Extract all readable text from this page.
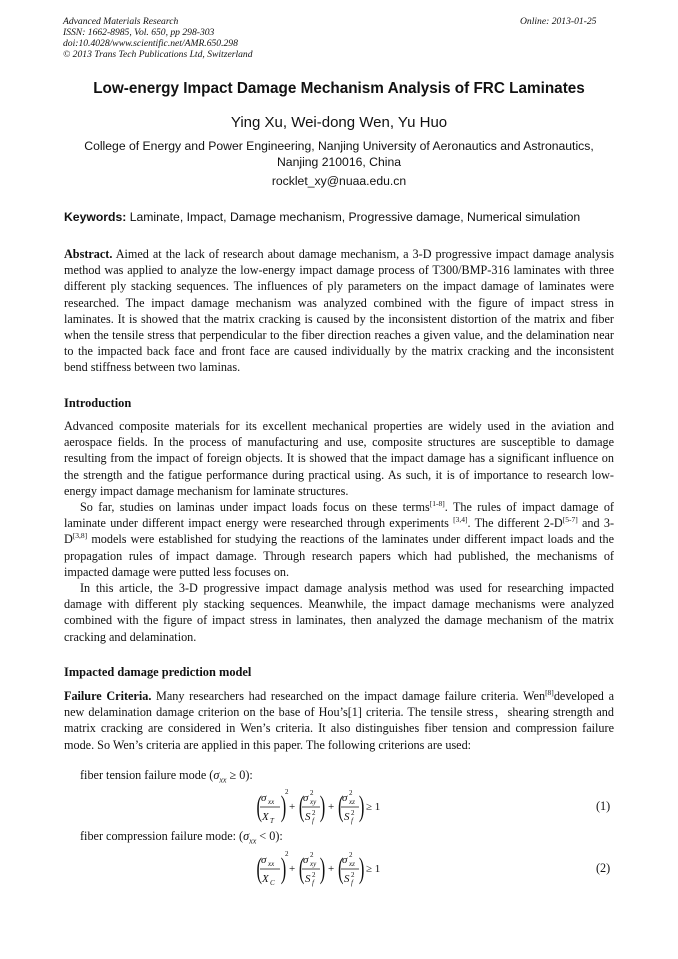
Advanced Materials Research
ISSN: 1662-8985, Vol. 650, pp 298-303
doi:10.4028/www.scientific.net/AMR.650.298
© 2013 Trans Tech Publications Ltd, Switzerland
Online: 2013-01-25
Low-energy Impact Damage Mechanism Analysis of FRC Laminates
Ying Xu, Wei-dong Wen, Yu Huo
College of Energy and Power Engineering, Nanjing University of Aeronautics and Astronautics,
Nanjing 210016, China
rocklet_xy@nuaa.edu.cn
Keywords: Laminate, Impact, Damage mechanism, Progressive damage, Numerical simulation
Abstract. Aimed at the lack of research about damage mechanism, a 3-D progressive impact damage analysis method was applied to analyze the low-energy impact damage process of T300/BMP-316 laminates with three different ply stacking sequences. The influences of ply parameters on the impact damage of laminates were researched. The impact damage mechanism was analyzed combined with the figure of impact stress in laminates. It is showed that the matrix cracking is caused by the inconsistent distortion of the matrix and fiber when the tensile stress that perpendicular to the fiber direction reaches a given value, and the delamination near to the impacted back face and front face are caused individually by the matrix cracking and the inconsistent bend stiffness between two laminas.
Introduction
Advanced composite materials for its excellent mechanical properties are widely used in the aviation and aerospace fields. In the process of manufacturing and use, composite structures are susceptible to damage resulting from the impact of foreign objects. It is showed that the impact damage has a significant influence on the strength and the fatigue performance during practical using. As such, it is of importance to research low-energy impact damage mechanism for laminate structures.
So far, studies on laminas under impact loads focus on these terms[1-8]. The rules of impact damage of laminate under different impact energy were researched through experiments [3,4]. The different 2-D[5-7] and 3-D[3,8] models were established for studying the reactions of the laminates under different impact loads and the propagation rules of impact damage. Through research papers which had published, the mechanisms of impacted damage were putted less focuses on.
In this article, the 3-D progressive impact damage analysis method was used for researching impacted damage with different ply stacking sequences. Meanwhile, the impact damage mechanisms were analyzed combined with the figure of impact stress in laminates, then analyzed the damage mechanism of the matrix cracking and delamination.
Impacted damage prediction model
Failure Criteria. Many researchers had researched on the impact damage failure criteria. Wen[8]developed a new delamination damage criterion on the base of Hou’s[1] criteria. The tensile stress，shearing strength and matrix cracking are considered in Wen’s criteria. It also distinguishes fiber tension and compression failure mode. So Wen’s criteria are applied in this paper. The following criterions are used:
fiber tension failure mode $(\sigma_{xx} \ge 0)$:
(
σ xx
X T )
2
+ (
σ 2
xy
S 2
f ) + (
σ 2
xz
S 2
f ) ≥ 1	(1)
fiber compression failure mode: $(\sigma_{xx} < 0)$:
(
σ xx
X C )
2
+ (
σ 2
xy
S 2
f ) + (
σ 2
xz
S 2
f ) ≥ 1	(2)
